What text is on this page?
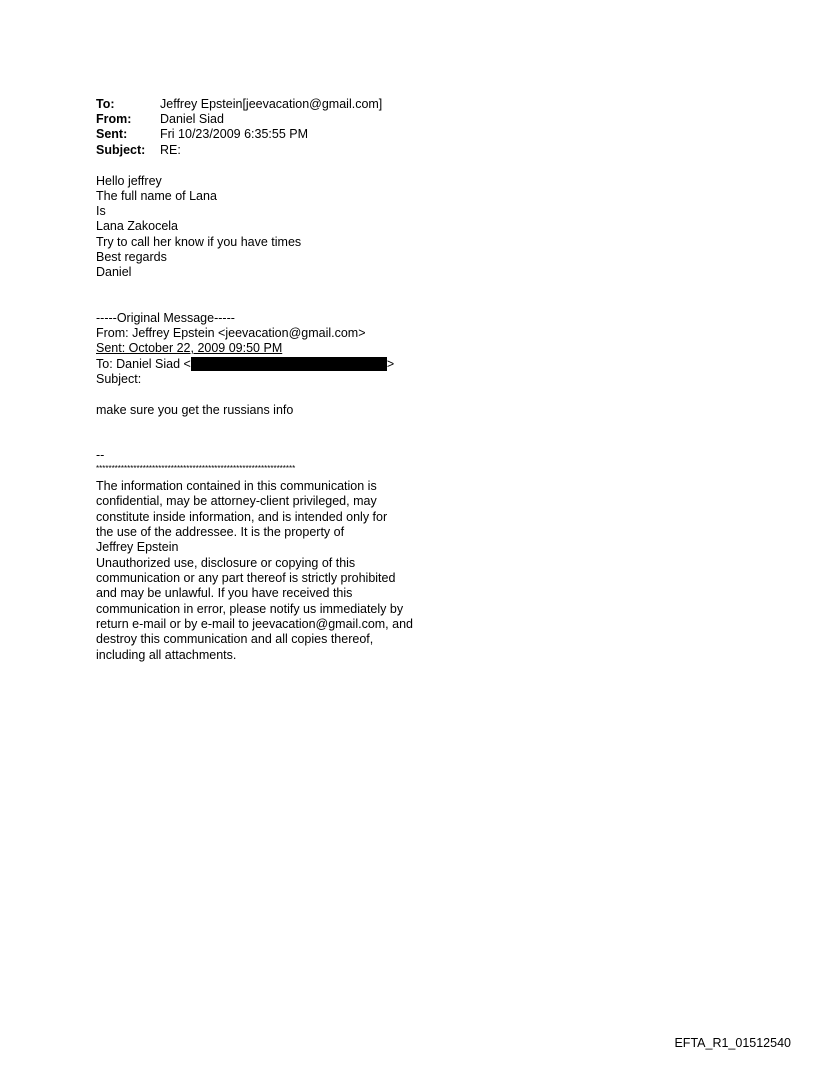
To:	Jeffrey Epstein[jeevacation@gmail.com]
From: Daniel Siad
Sent:	Fri 10/23/2009 6:35:55 PM
Subject: RE:
Hello jeffrey
The full name of Lana
Is
Lana Zakocela
Try to call her know if you have times
Best regards
Daniel
-----Original Message-----
From: Jeffrey Epstein <jeevacation@gmail.com>
Sent: October 22, 2009 09:50 PM
To: Daniel Siad <	>
Subject:
make sure you get the russians info
--
****************************************************************
The information contained in this communication is
confidential, may be attorney-client privileged, may
constitute inside information, and is intended only for
the use of the addressee. It is the property of
Jeffrey Epstein
Unauthorized use, disclosure or copying of this
communication or any part thereof is strictly prohibited
and may be unlawful. If you have received this
communication in error, please notify us immediately by
return e-mail or by e-mail to jeevacation@gmail.com, and
destroy this communication and all copies thereof,
including all attachments.
EFTA_R1_01512540
